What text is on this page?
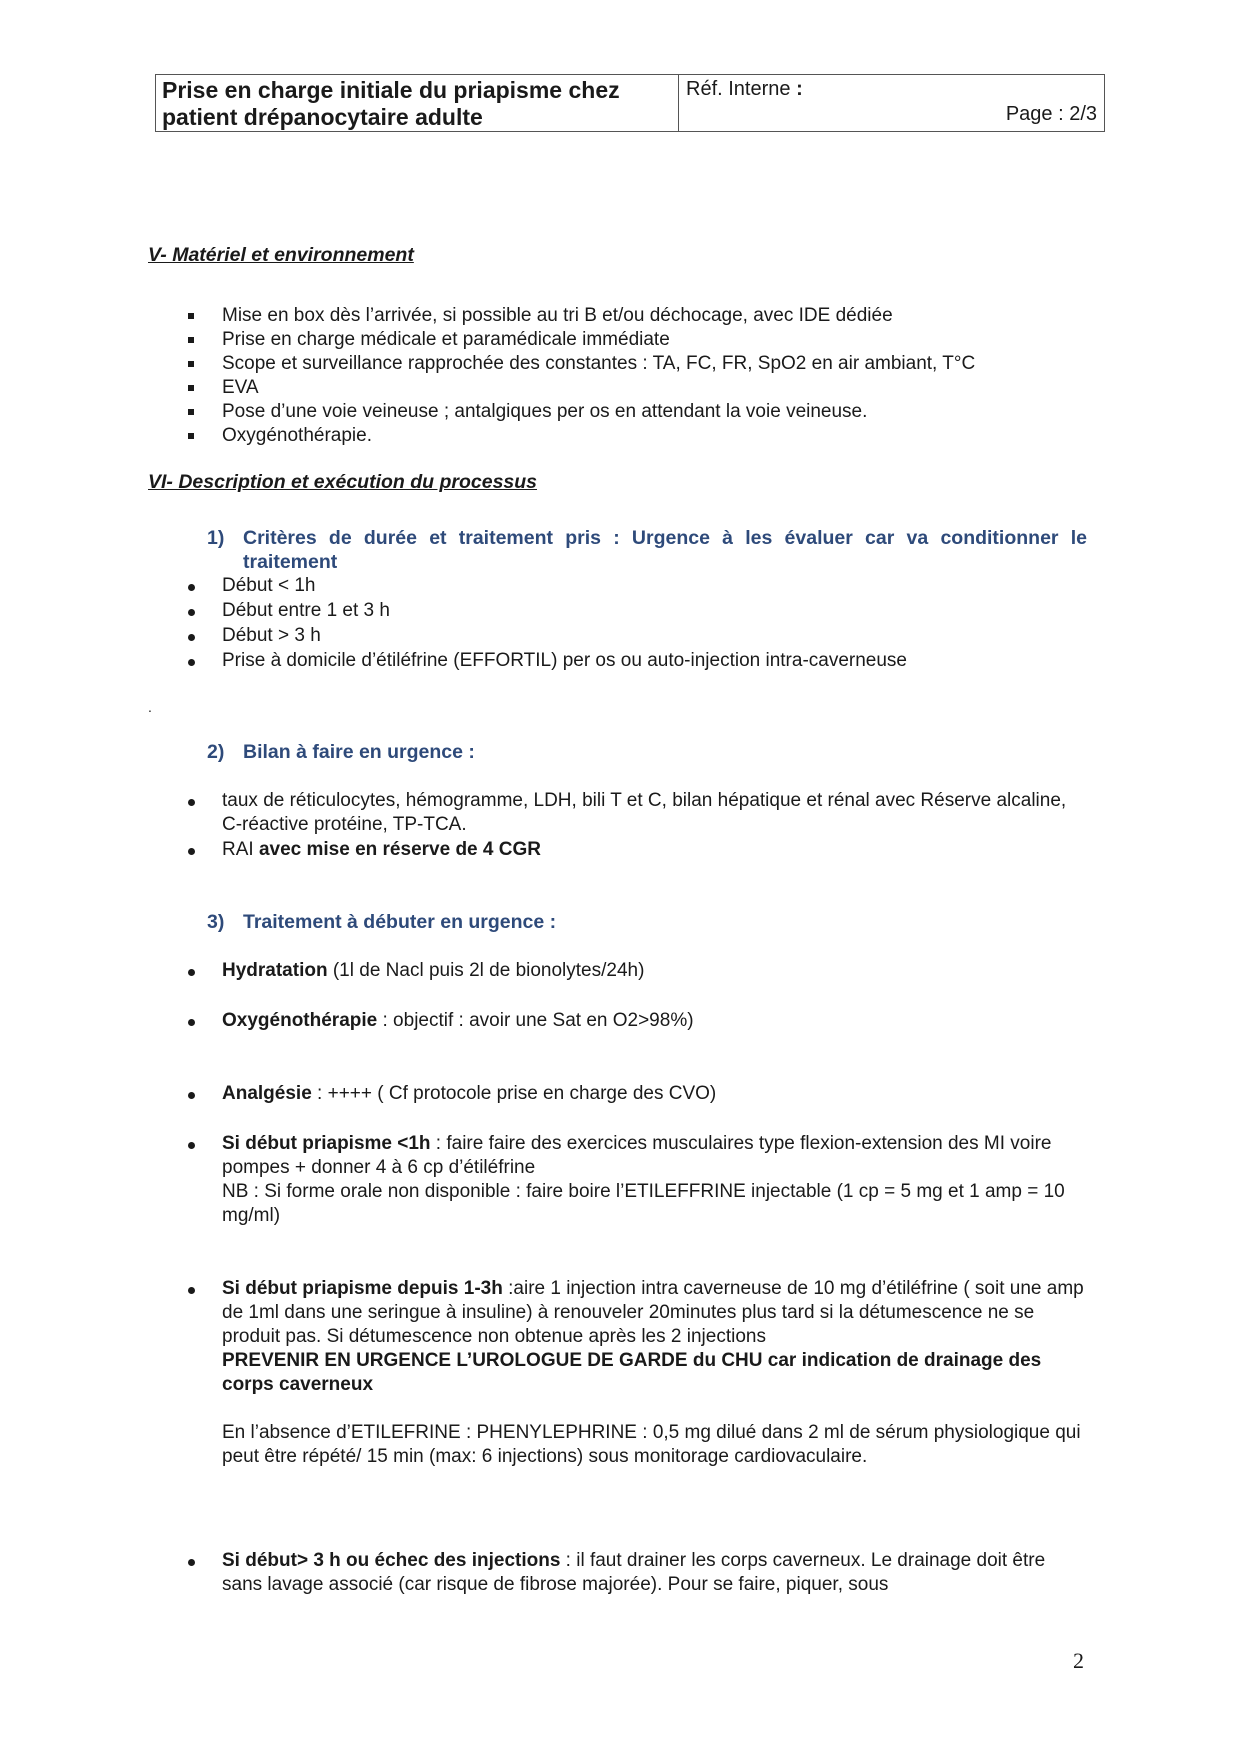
Prise en charge initiale du priapisme chez
patient drépanocytaire adulte
Réf. Interne :
Page : 2/3
V- Matériel et environnement
Mise en box dès l’arrivée, si possible au tri B et/ou déchocage, avec IDE dédiée
Prise en charge médicale et paramédicale immédiate
Scope et surveillance rapprochée des constantes : TA, FC, FR, SpO2 en air ambiant, T°C
EVA
Pose d’une voie veineuse ; antalgiques per os en attendant la voie veineuse.
Oxygénothérapie.
VI- Description et exécution du processus
1) Critères de durée et traitement pris : Urgence à les évaluer car va conditionner le traitement
Début < 1h
Début entre 1 et 3 h
Début > 3 h
Prise à domicile d’étiléfrine (EFFORTIL) per os ou auto-injection intra-caverneuse
.
2) Bilan à faire en urgence :
taux de réticulocytes, hémogramme, LDH, bili T et C, bilan hépatique et rénal avec Réserve alcaline, C-réactive protéine, TP-TCA.
RAI avec mise en réserve de 4 CGR
3) Traitement à débuter en urgence :
Hydratation (1l de Nacl puis 2l de bionolytes/24h)
Oxygénothérapie : objectif : avoir une Sat en O2>98%)
Analgésie : ++++ ( Cf protocole prise en charge des CVO)
Si début priapisme <1h : faire faire des exercices musculaires type flexion-extension des MI voire pompes + donner 4 à 6 cp d’étiléfrine
NB : Si forme orale non disponible : faire boire l’ETILEFFRINE injectable (1 cp = 5 mg et 1 amp = 10 mg/ml)
Si début priapisme depuis 1-3h :aire 1 injection intra caverneuse de 10 mg d’étiléfrine ( soit une amp de 1ml dans une seringue à insuline) à renouveler 20minutes plus tard si la détumescence ne se produit pas. Si détumescence non obtenue après les 2 injections
PREVENIR EN URGENCE L’UROLOGUE DE GARDE du CHU car indication de drainage des corps caverneux

En l’absence d’ETILEFRINE : PHENYLEPHRINE : 0,5 mg dilué dans 2 ml de sérum physiologique qui peut être répété/ 15 min (max: 6 injections) sous monitorage cardiovaculaire.
Si début> 3 h ou échec des injections : il faut drainer les corps caverneux. Le drainage doit être sans lavage associé (car risque de fibrose majorée). Pour se faire, piquer, sous
2
